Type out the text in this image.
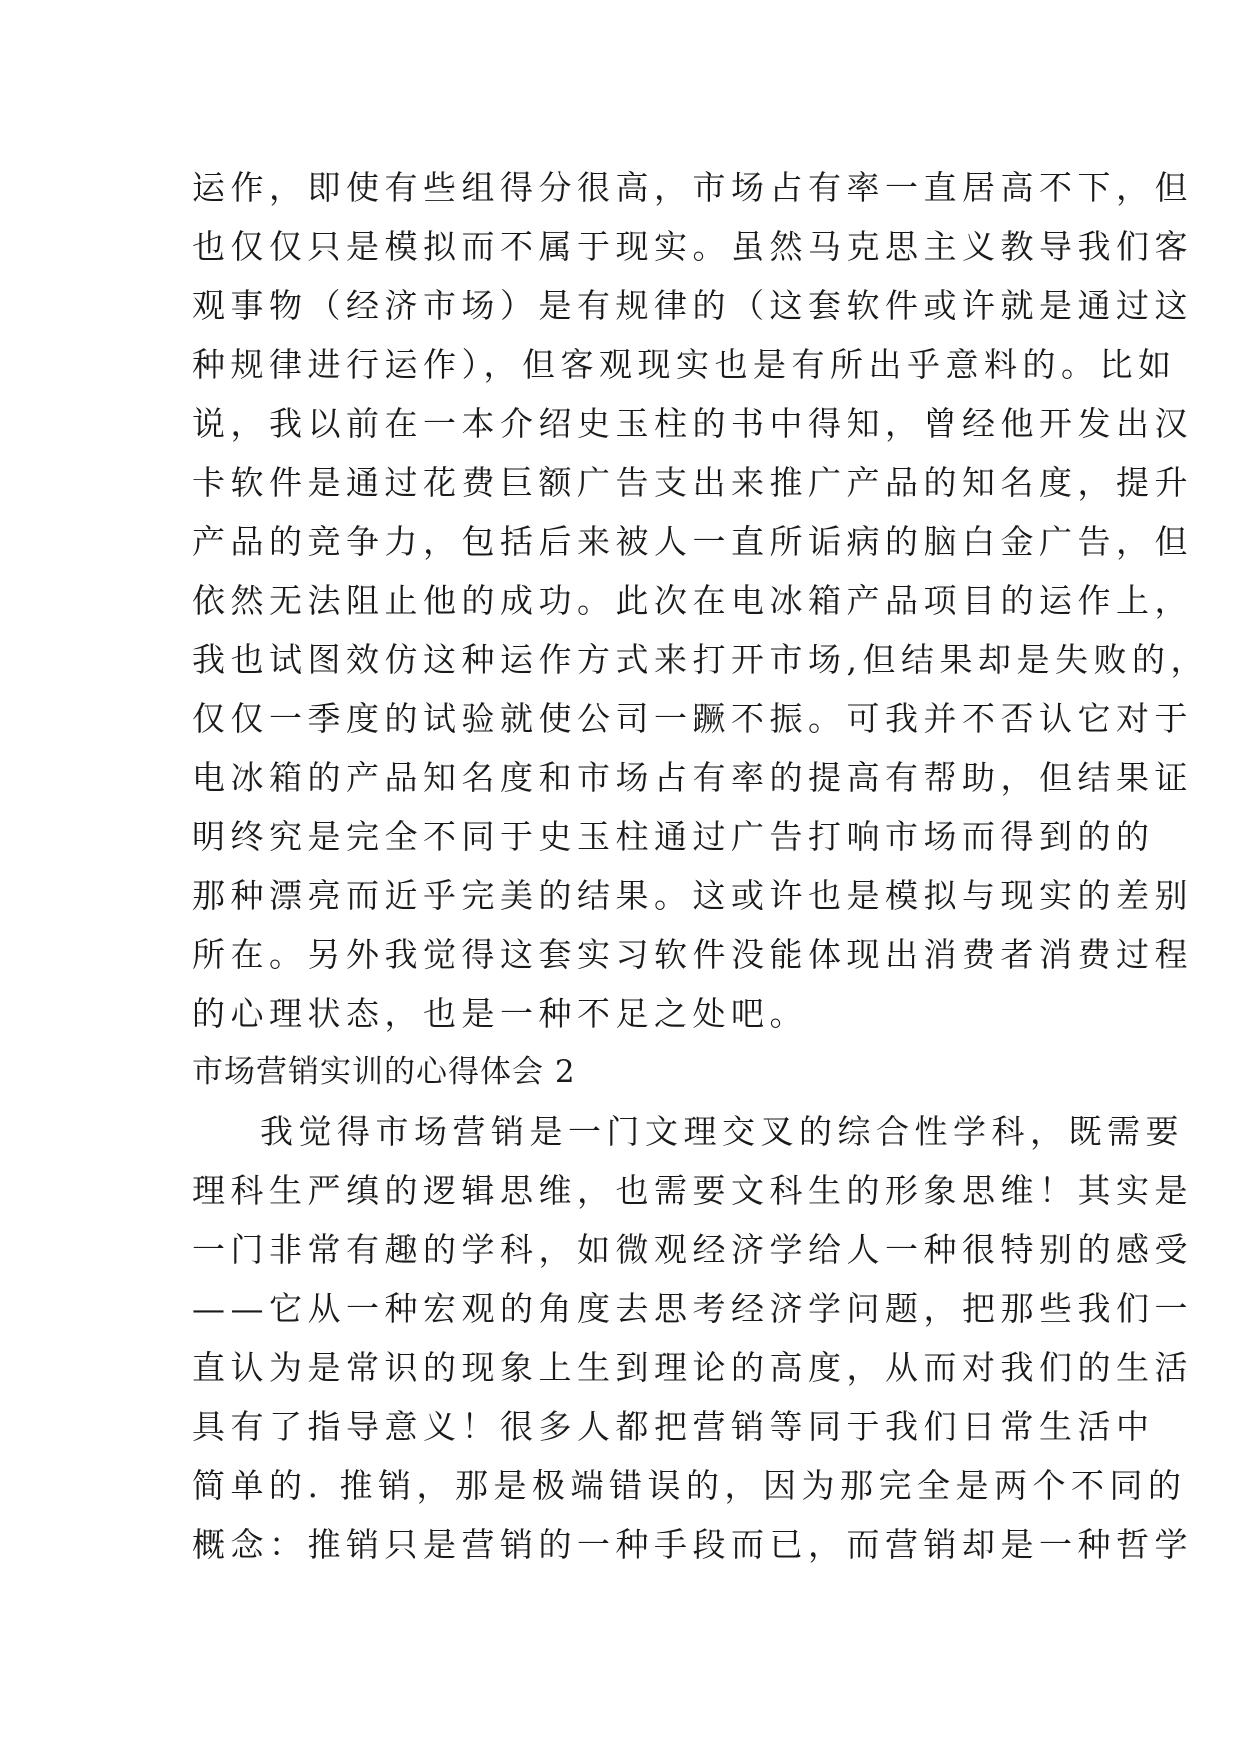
运作，即使有些组得分很高，市场占有率一直居高不下，但
也仅仅只是模拟而不属于现实。虽然马克思主义教导我们客
观事物（经济市场）是有规律的（这套软件或许就是通过这
种规律进行运作），但客观现实也是有所出乎意料的。比如
说，我以前在一本介绍史玉柱的书中得知，曾经他开发出汉
卡软件是通过花费巨额广告支出来推广产品的知名度，提升
产品的竞争力，包括后来被人一直所诟病的脑白金广告，但
依然无法阻止他的成功。此次在电冰箱产品项目的运作上，
我也试图效仿这种运作方式来打开市场,但结果却是失败的，
仅仅一季度的试验就使公司一蹶不振。可我并不否认它对于
电冰箱的产品知名度和市场占有率的提高有帮助，但结果证
明终究是完全不同于史玉柱通过广告打响市场而得到的的
那种漂亮而近乎完美的结果。这或许也是模拟与现实的差别
所在。另外我觉得这套实习软件没能体现出消费者消费过程
的心理状态，也是一种不足之处吧。

市场营销实训的心得体会 2

我觉得市场营销是一门文理交叉的综合性学科，既需要
理科生严缜的逻辑思维，也需要文科生的形象思维！其实是
一门非常有趣的学科，如微观经济学给人一种很特别的感受
——它从一种宏观的角度去思考经济学问题，把那些我们一
直认为是常识的现象上生到理论的高度，从而对我们的生活
具有了指导意义！很多人都把营销等同于我们日常生活中
简单的. 推销，那是极端错误的，因为那完全是两个不同的
概念：推销只是营销的一种手段而已，而营销却是一种哲学
